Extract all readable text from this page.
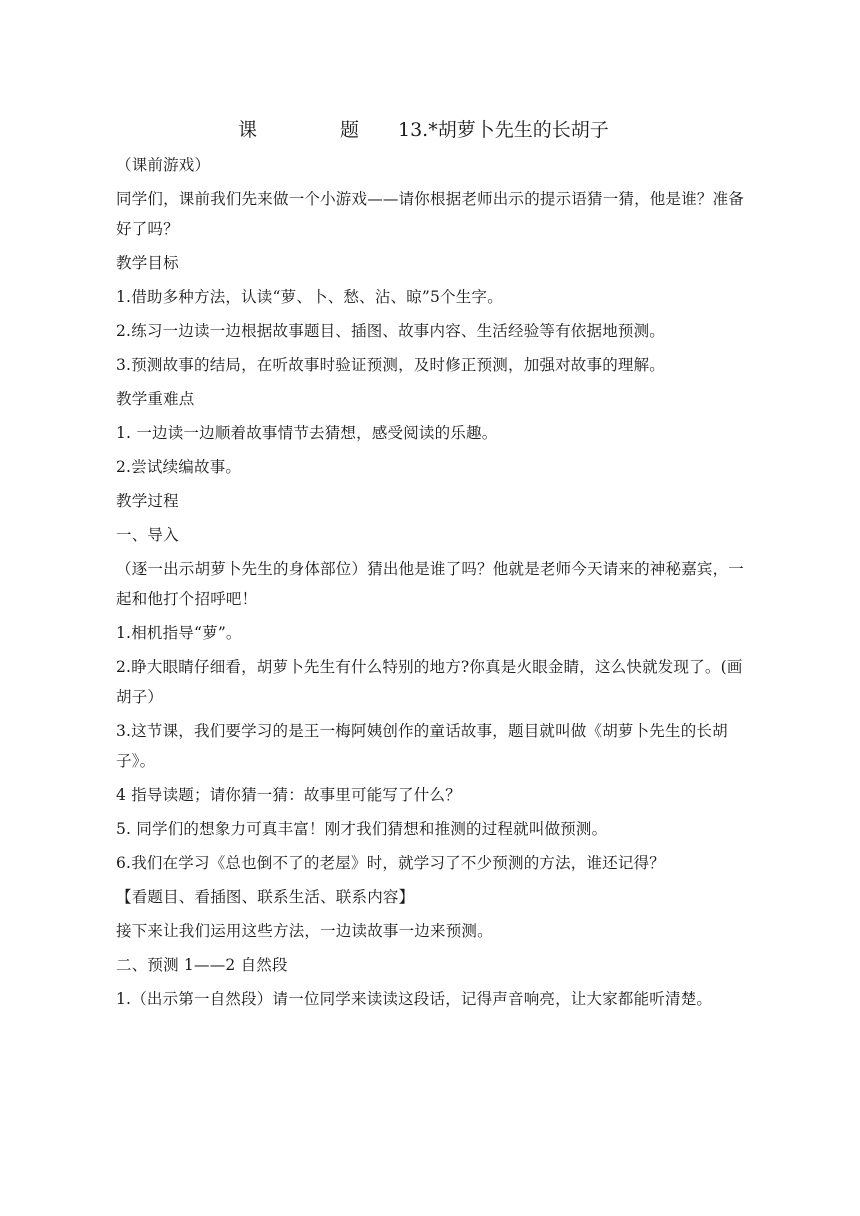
课	题 13.*胡萝卜先生的长胡子

（课前游戏）

同学们，课前我们先来做一个小游戏——请你根据老师出示的提示语猜一猜，他是谁？准备好了吗？

教学目标

1.借助多种方法，认读“萝、卜、愁、沾、晾”5个生字。

2.练习一边读一边根据故事题目、插图、故事内容、生活经验等有依据地预测。

3.预测故事的结局，在听故事时验证预测，及时修正预测，加强对故事的理解。

教学重难点

1. 一边读一边顺着故事情节去猜想，感受阅读的乐趣。

2.尝试续编故事。

教学过程

一、导入

（逐一出示胡萝卜先生的身体部位）猜出他是谁了吗？他就是老师今天请来的神秘嘉宾，一起和他打个招呼吧！

1.相机指导“萝”。

2.睁大眼睛仔细看，胡萝卜先生有什么特别的地方?你真是火眼金睛，这么快就发现了。(画胡子）

3.这节课，我们要学习的是王一梅阿姨创作的童话故事，题目就叫做《胡萝卜先生的长胡子》。

4 指导读题；请你猜一猜：故事里可能写了什么？

5. 同学们的想象力可真丰富！刚才我们猜想和推测的过程就叫做预测。

6.我们在学习《总也倒不了的老屋》时，就学习了不少预测的方法，谁还记得？

【看题目、看插图、联系生活、联系内容】

接下来让我们运用这些方法，一边读故事一边来预测。

二、预测 1——2 自然段

1.（出示第一自然段）请一位同学来读读这段话，记得声音响亮，让大家都能听清楚。
